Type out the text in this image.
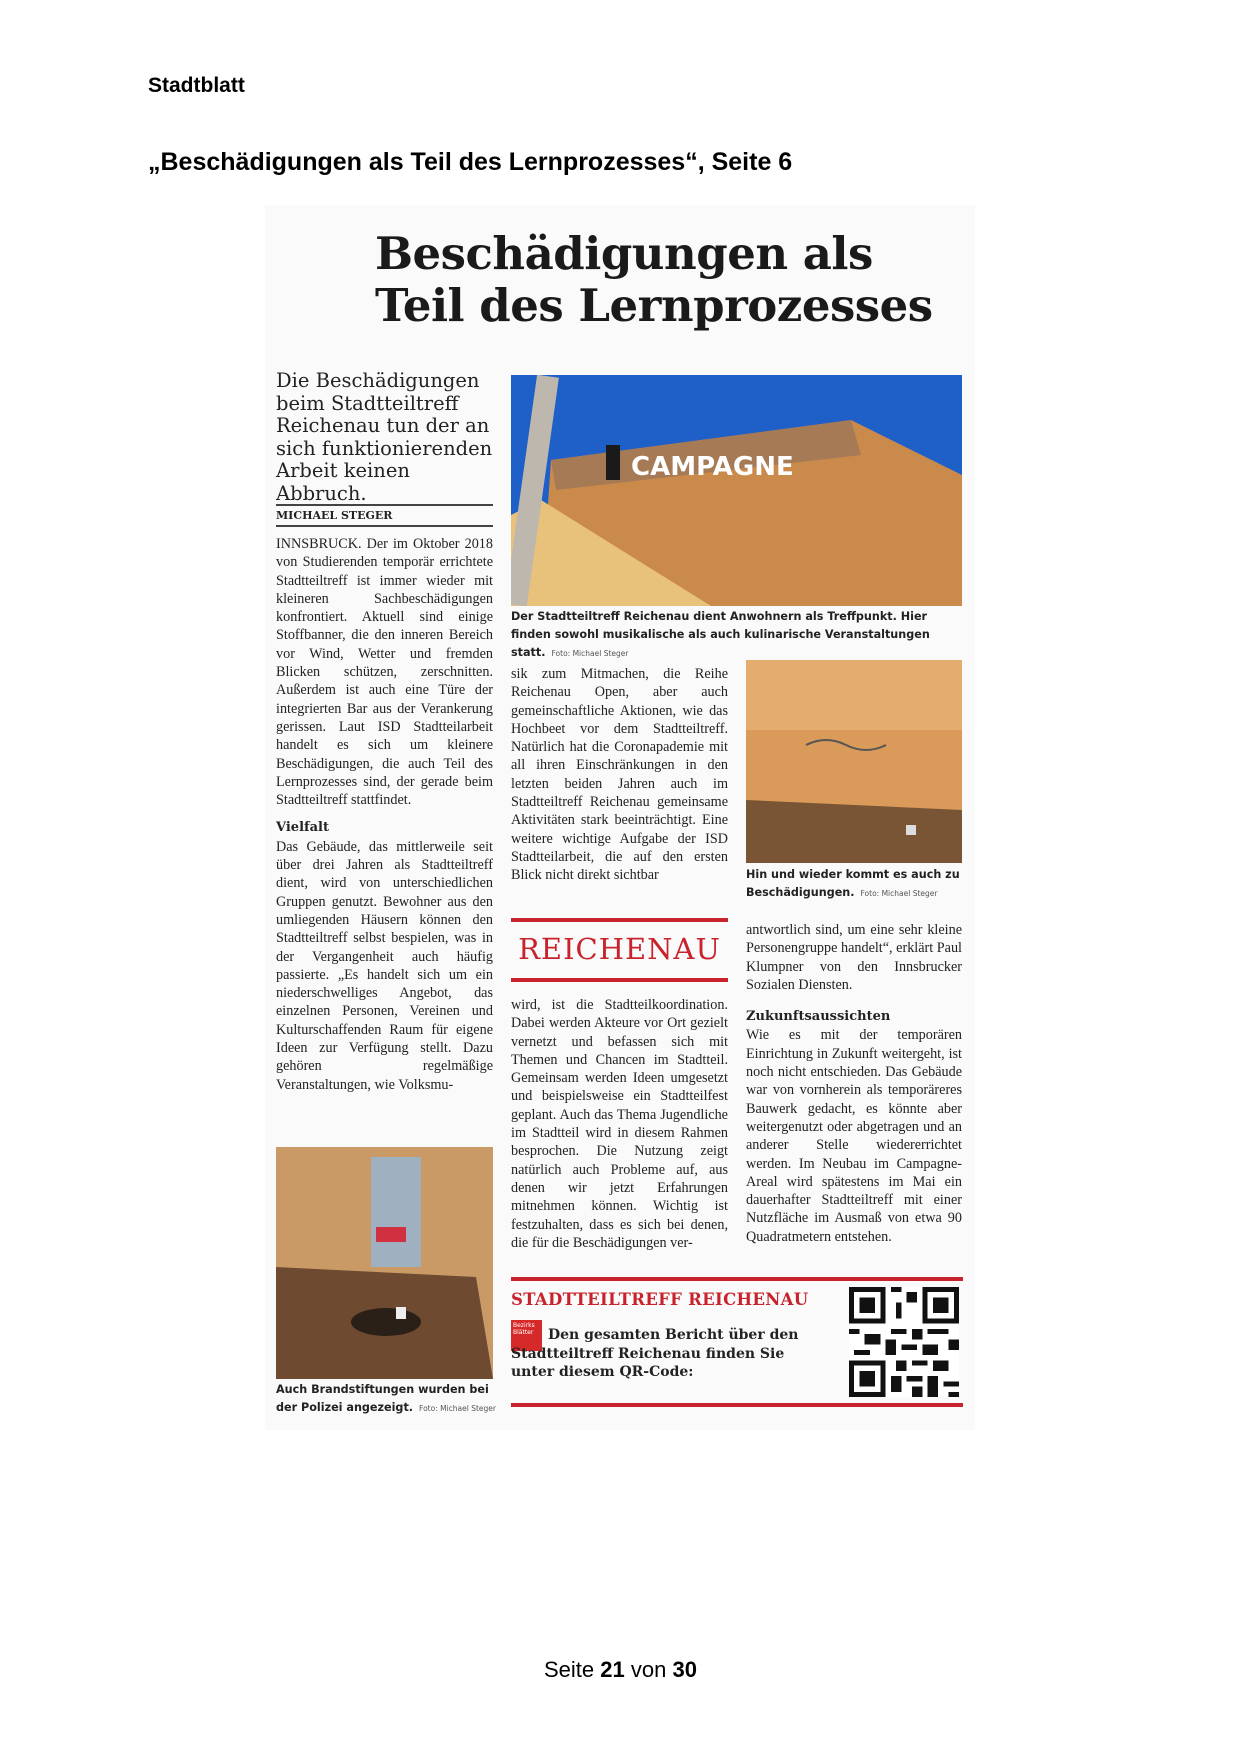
Stadtblatt
„Beschädigungen als Teil des Lernprozesses“, Seite 6
Beschädigungen als
Teil des Lernprozesses
Die Beschädigungen beim Stadtteiltreff Reichenau tun der an sich funktionierenden Arbeit keinen Abbruch.
MICHAEL STEGER

INNSBRUCK. Der im Oktober 2018 von Studierenden temporär errichtete Stadtteiltreff ist immer wieder mit kleineren Sachbeschädigungen konfrontiert. Aktuell sind einige Stoffbanner, die den inneren Bereich vor Wind, Wetter und fremden Blicken schützen, zerschnitten. Außerdem ist auch eine Türe der integrierten Bar aus der Verankerung gerissen. Laut ISD Stadtteilarbeit handelt es sich um kleinere Beschädigungen, die auch Teil des Lernprozesses sind, der gerade beim Stadtteiltreff stattfindet.

Vielfalt

Das Gebäude, das mittlerweile seit über drei Jahren als Stadtteiltreff dient, wird von unterschiedlichen Gruppen genutzt. Bewohner aus den umliegenden Häusern können den Stadtteiltreff selbst bespielen, was in der Vergangenheit auch häufig passierte. „Es handelt sich um ein niederschwelliges Angebot, das einzelnen Personen, Vereinen und Kulturschaffenden Raum für eigene Ideen zur Verfügung stellt. Dazu gehören regelmäßige Veranstaltungen, wie Volksmu-

CAMPAGNE
Der Stadtteiltreff Reichenau dient Anwohnern als Treffpunkt. Hier finden sowohl musikalische als auch kulinarische Veranstaltungen statt. Foto: Michael Steger

sik zum Mitmachen, die Reihe Reichenau Open, aber auch gemeinschaftliche Aktionen, wie das Hochbeet vor dem Stadtteiltreff. Natürlich hat die Coronapademie mit all ihren Einschränkungen in den letzten beiden Jahren auch im Stadtteiltreff Reichenau gemeinsame Aktivitäten stark beeinträchtigt. Eine weitere wichtige Aufgabe der ISD Stadtteilarbeit, die auf den ersten Blick nicht direkt sichtbar	Hin und wieder kommt es auch zu Beschädigungen. Foto: Michael Steger
REICHENAU

wird, ist die Stadtteilkoordination. Dabei werden Akteure vor Ort gezielt vernetzt und befassen sich mit Themen und Chancen im Stadtteil. Gemeinsam werden Ideen umgesetzt und beispielsweise ein Stadtteilfest geplant. Auch das Thema Jugendliche im Stadtteil wird in diesem Rahmen besprochen. Die Nutzung zeigt natürlich auch Probleme auf, aus denen wir jetzt Erfahrungen mitnehmen können. Wichtig ist festzuhalten, dass es sich bei denen, die für die Beschädigungen ver-

antwortlich sind, um eine sehr kleine Personengruppe handelt“, erklärt Paul Klumpner von den Innsbrucker Sozialen Diensten.

Zukunftsaussichten

Wie es mit der temporären Einrichtung in Zukunft weitergeht, ist noch nicht entschieden. Das Gebäude war von vornherein als temporäreres Bauwerk gedacht, es könnte aber weitergenutzt oder abgetragen und an anderer Stelle wiedererrichtet werden. Im Neubau im Campagne-Areal wird spätestens im Mai ein dauerhafter Stadtteiltreff mit einer Nutzfläche im Ausmaß von etwa 90 Quadratmetern entstehen.

Auch Brandstiftungen wurden bei der Polizei angezeigt. Foto: Michael Steger
STADTTEILTREFF REICHENAU
Bezirks Blätter	Den gesamten Bericht über den Stadtteiltreff Reichenau finden Sie unter diesem QR-Code:
Seite 21 von 30
